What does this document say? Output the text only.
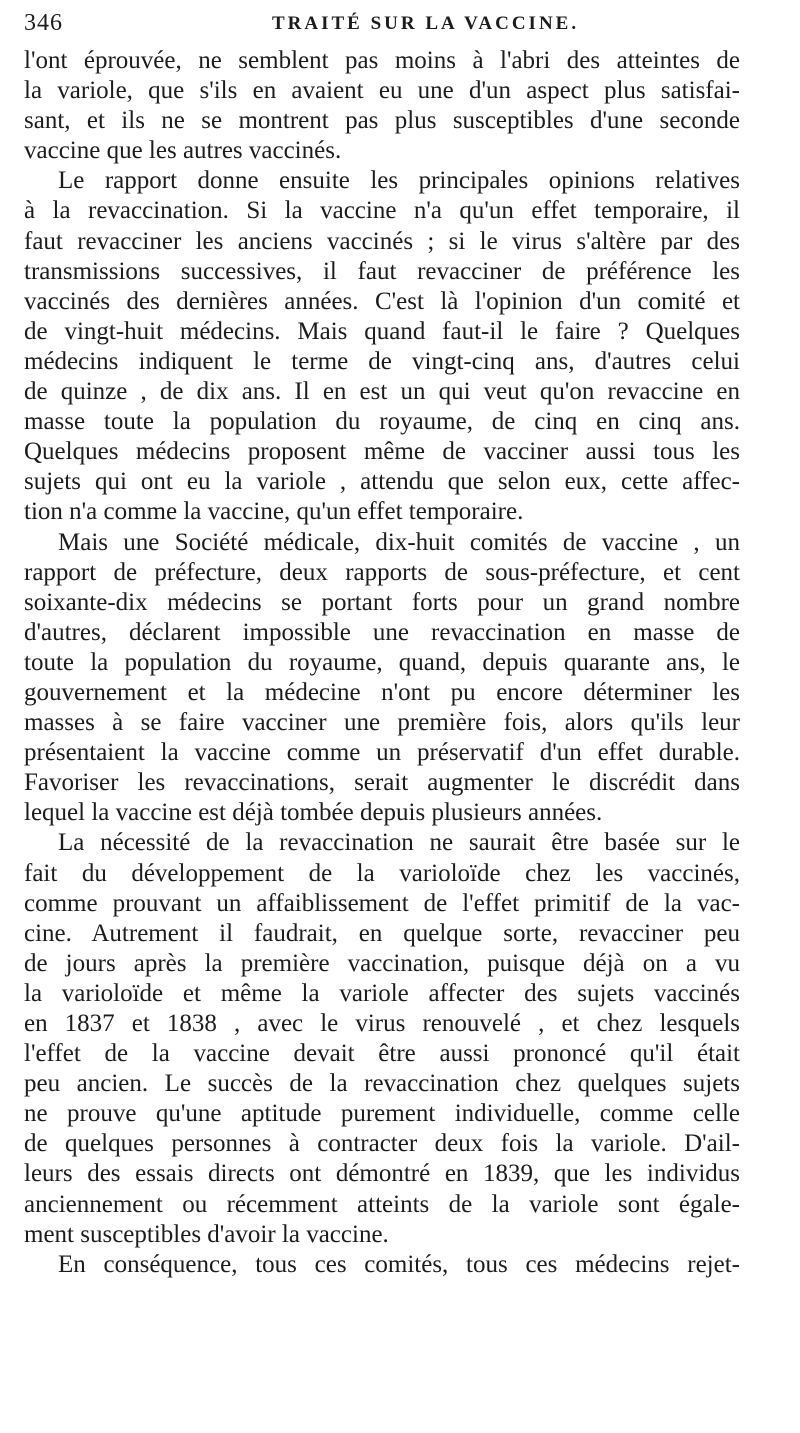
346	TRAITÉ SUR LA VACCINE.
l'ont éprouvée, ne semblent pas moins à l'abri des atteintes de
la variole, que s'ils en avaient eu une d'un aspect plus satisfai-
sant, et ils ne se montrent pas plus susceptibles d'une seconde
vaccine que les autres vaccinés.
Le rapport donne ensuite les principales opinions relatives
à la revaccination. Si la vaccine n'a qu'un effet temporaire, il
faut revacciner les anciens vaccinés ; si le virus s'altère par des
transmissions successives, il faut revacciner de préférence les
vaccinés des dernières années. C'est là l'opinion d'un comité et
de vingt-huit médecins. Mais quand faut-il le faire ? Quelques
médecins indiquent le terme de vingt-cinq ans, d'autres celui
de quinze , de dix ans. Il en est un qui veut qu'on revaccine en
masse toute la population du royaume, de cinq en cinq ans.
Quelques médecins proposent même de vacciner aussi tous les
sujets qui ont eu la variole , attendu que selon eux, cette affec-
tion n'a comme la vaccine, qu'un effet temporaire.
Mais une Société médicale, dix-huit comités de vaccine , un
rapport de préfecture, deux rapports de sous-préfecture, et cent
soixante-dix médecins se portant forts pour un grand nombre
d'autres, déclarent impossible une revaccination en masse de
toute la population du royaume, quand, depuis quarante ans, le
gouvernement et la médecine n'ont pu encore déterminer les
masses à se faire vacciner une première fois, alors qu'ils leur
présentaient la vaccine comme un préservatif d'un effet durable.
Favoriser les revaccinations, serait augmenter le discrédit dans
lequel la vaccine est déjà tombée depuis plusieurs années.
La nécessité de la revaccination ne saurait être basée sur le
fait du développement de la varioloïde chez les vaccinés,
comme prouvant un affaiblissement de l'effet primitif de la vac-
cine. Autrement il faudrait, en quelque sorte, revacciner peu
de jours après la première vaccination, puisque déjà on a vu
la varioloïde et même la variole affecter des sujets vaccinés
en 1837 et 1838 , avec le virus renouvelé , et chez lesquels
l'effet de la vaccine devait être aussi prononcé qu'il était
peu ancien. Le succès de la revaccination chez quelques sujets
ne prouve qu'une aptitude purement individuelle, comme celle
de quelques personnes à contracter deux fois la variole. D'ail-
leurs des essais directs ont démontré en 1839, que les individus
anciennement ou récemment atteints de la variole sont égale-
ment susceptibles d'avoir la vaccine.
En conséquence, tous ces comités, tous ces médecins rejet-
